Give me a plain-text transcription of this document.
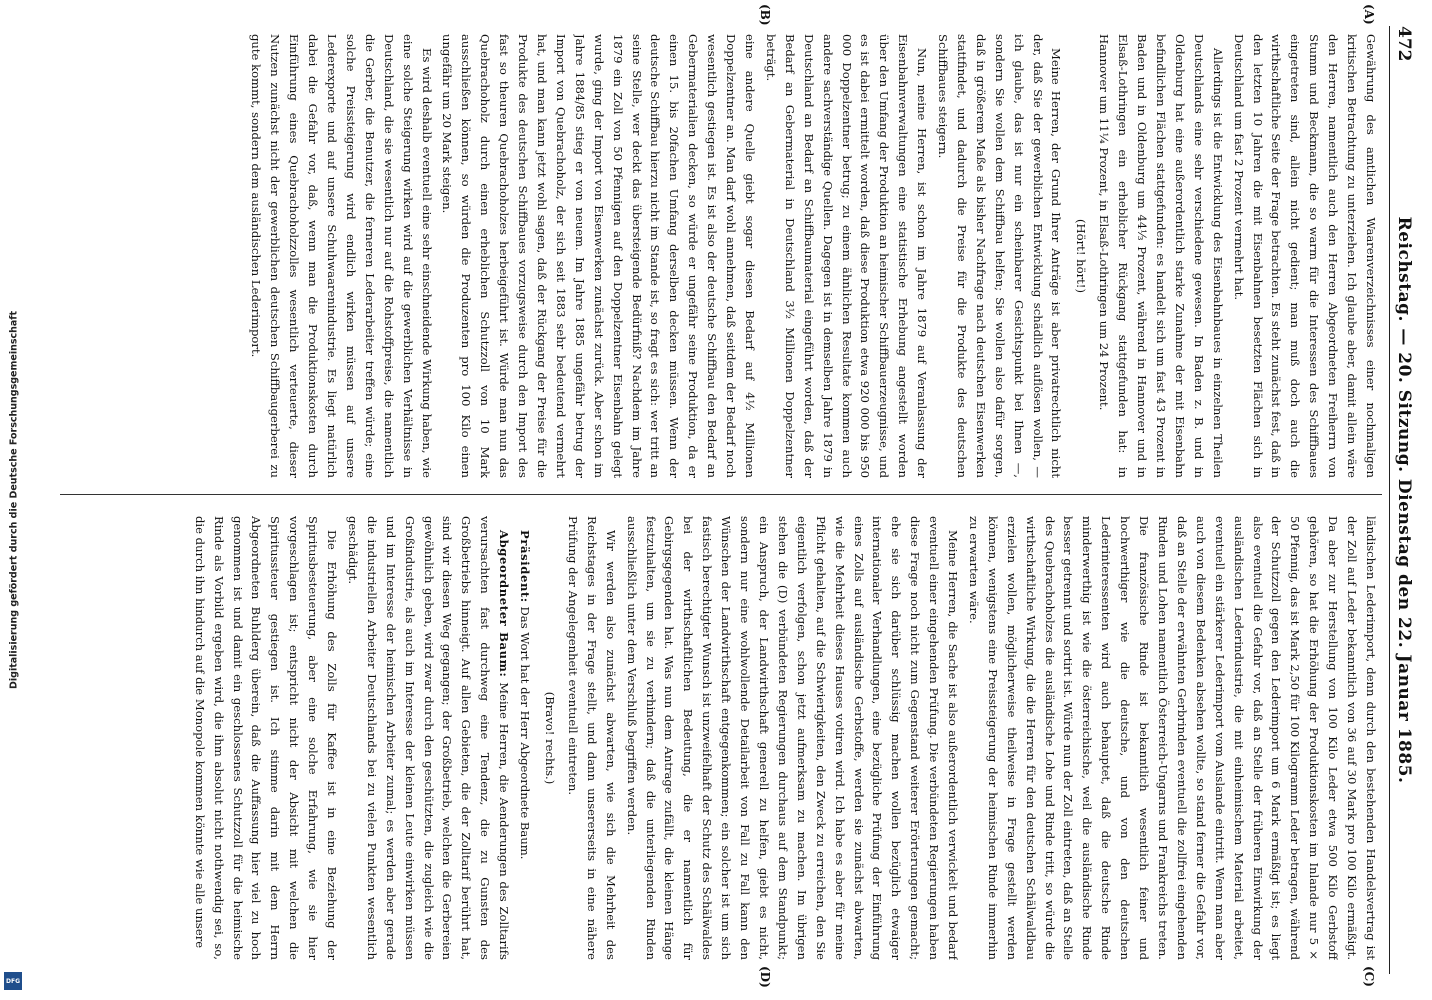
Digitalisierung gefördert durch die Deutsche Forschungsgemeinschaft
DFG
472
Reichstag. — 20. Sitzung. Dienstag den 22. Januar 1885.
(A)
(B)
(C)
(D)

Gewährung des amtlichen Waarenverzeichnisses einer nochmaligen kritischen Betrachtung zu unterziehen. Ich glaube aber, damit allein wäre den Herren, namentlich auch den Herren Abgeordneten Freiherrn von Stumm und Beckmann, die so warm für die Interessen des Schiffbaues eingetreten sind, allein nicht gedient; man muß doch auch die wirthschaftliche Seite der Frage betrachten. Es steht zunächst fest, daß in den letzten 10 Jahren die mit Eisenbahnen besetzten Flächen sich in Deutschland um fast 2 Prozent vermehrt hat.

Allerdings ist die Entwicklung des Eisenbahnbaues in einzelnen Theilen Deutschlands eine sehr verschiedene gewesen. In Baden z. B. und in Oldenburg hat eine außerordentlich starke Zunahme der mit Eisenbahn befindlichen Flächen stattgefunden: es handelt sich um fast 43 Prozent in Baden und in Oldenburg um 44⅓ Prozent, während in Hannover und in Elsaß-Lothringen ein erheblicher Rückgang stattgefunden hat: in Hannover um 11¼ Prozent, in Elsaß-Lothringen um 24 Prozent.

(Hört! hört!)

Meine Herren, der Grund Ihrer Anträge ist aber privatrechtlich nicht der, daß Sie der gewerblichen Entwicklung schädlich auflösen wollen, — ich glaube, das ist nur ein scheinbarer Gesichtspunkt bei Ihnen —, sondern Sie wollen dem Schiffbau helfen; Sie wollen also dafür sorgen, daß in größerem Maße als bisher Nachfrage nach deutschen Eisenwerken stattfindet, und dadurch die Preise für die Produkte des deutschen Schiffbaues steigern.

Nun, meine Herren, ist schon im Jahre 1879 auf Veranlassung der Eisenbahnverwaltungen eine statistische Erhebung angestellt worden über den Umfang der Produktion an heimischer Schiffbauerzeugnisse, und es ist dabei ermittelt worden, daß diese Produktion etwa 920 000 bis 950 000 Doppelzentner betrug; zu einem ähnlichen Resultate kommen auch andere sachverständige Quellen. Dagegen ist in demselben Jahre 1879 in Deutschland an Bedarf an Schiffbaumaterial eingeführt worden, daß der Bedarf an Gebermaterial in Deutschland 3½ Millionen Doppelzentner beträgt.

eine andere Quelle giebt sogar diesen Bedarf auf 4½ Millionen Doppelzentner an. Man darf wohl annehmen, daß seitdem der Bedarf noch wesentlich gestiegen ist. Es ist also der deutsche Schiffbau den Bedarf an Gebermaterialien decken, so würde er ungefähr seine Produktion, da er einen 15. bis 20fachen Umfang derselben decken müssen. Wenn der deutsche Schiffbau hierzu nicht im Stande ist, so fragt es sich: wer tritt an seine Stelle, wer deckt das übersteigende Bedürfniß? Nachdem im Jahre 1879 ein Zoll von 50 Pfennigen auf den Doppelzentner Eisenbahn gelegt wurde, ging der Import von Eisenwerken zunächst zurück. Aber schon im Jahre 1884/85 stieg er von neuem. Im Jahre 1885 ungefähr betrug der Import von Quebrachoholz, der sich seit 1883 sehr bedeutend vermehrt hat, und man kann jetzt wohl sagen, daß der Rückgang der Preise für die Produkte des deutschen Schiffbaues vorzugsweise durch den Import des fast so theuren Quebrachoholzes herbeigeführt ist. Würde man nun das Quebrachoholz durch einen erheblichen Schutzzoll von 10 Mark ausschließen können, so würden die Produzenten pro 100 Kilo einen ungefähr um 20 Mark steigen.

Es wird deshalb eventuell eine sehr einschneidende Wirkung haben, wie eine solche Steigerung wirken wird auf die gewerblichen Verhältnisse in Deutschland, die sie wesentlich nur auf die Rohstoffpreise, die namentlich die Gerber, die Benutzer, die ferneren Lederarbeiter treffen würde; eine solche Preissteigerung wird endlich wirken müssen auf unsere Lederexporte und auf unsere Schuhwaarenindustrie. Es liegt natürlich dabei die Gefahr vor, daß, wenn man die Produktionskosten durch Einführung eines Quebrachoholzzolles wesentlich verteuerte, dieser Nutzen zunächst nicht der gewerblichen deutschen Schiffbaugerberei zu gute kommt, sondern dem ausländischen Lederimport.

ländischen Lederimport, denn durch den bestehenden Handelsvertrag ist der Zoll auf Leder bekanntlich von 36 auf 30 Mark pro 100 Kilo ermäßigt. Da aber zur Herstellung von 100 Kilo Leder etwa 500 Kilo Gerbstoff gehören, so hat die Erhöhung der Produktionskosten im Inlande nur 5 × 50 Pfennig, das ist Mark 2,50 für 100 Kilogramm Leder betragen, während der Schutzzoll gegen den Lederimport um 6 Mark ermäßigt ist; es liegt also eventuell die Gefahr vor, daß an Stelle der früheren Einwirkung der ausländischen Lederindustrie, die mit einheimischem Material arbeitet, eventuell ein stärkerer Lederimport vom Auslande eintritt. Wenn man aber auch von diesem Bedenken absehen wollte, so stand ferner die Gefahr vor, daß an Stelle der erwähnten Gerbrinden eventuell die zollfrei eingehenden Rinden und Lohen namentlich Österreich-Ungarns und Frankreichs treten. Die französische Rinde ist bekanntlich wesentlich feiner und hochwerthiger wie die deutsche, und von den deutschen Lederinteressenten wird auch behauptet, daß die deutsche Rinde minderwerthig ist wie die österreichische, weil die ausländische Rinde besser getrennt und sortirt ist. Würde nun der Zoll eintreten, daß an Stelle des Quebrachoholzes die ausländische Lohe und Rinde tritt, so würde die wirthschaftliche Wirkung, die die Herren für den deutschen Schälwaldbau erzielen wollen, möglicherweise theilweise in Frage gestellt werden können, wenigstens eine Preissteigerung der heimischen Rinde immerhin zu erwarten wäre.

Meine Herren, die Sache ist also außerordentlich verwickelt und bedarf eventuell einer eingehenden Prüfung. Die verbündeten Regierungen haben diese Frage noch nicht zum Gegenstand weiterer Erörterungen gemacht; ehe sie sich darüber schlüssig machen wollen bezüglich etwaiger internationaler Verhandlungen, eine bezügliche Prüfung der Einführung eines Zolls auf ausländische Gerbstoffe, werden sie zunächst abwarten, wie die Mehrheit dieses Hauses votiren wird. Ich habe es aber für meine Pflicht gehalten, auf die Schwierigkeiten, den Zweck zu erreichen, den Sie eigentlich verfolgen, schon jetzt aufmerksam zu machen. Im übrigen stehen die (D) verbündeten Regierungen durchaus auf dem Standpunkt; ein Anspruch, der Landwirthschaft generell zu helfen, giebt es nicht, sondern nur eine wohlwollende Detailarbeit von Fall zu Fall kann den Wünschen der Landwirthschaft entgegenkommen; ein solcher ist um sich fastisch berechtigter Wunsch ist unzweifelhaft der Schutz des Schälwaldes bei der wirthschaftlichen Bedeutung, die er namentlich für Gebirgsgegenden hat. Was nun dem Antrage zufällt, die kleinen Hänge festzuhalten, um sie zu verhindern; daß die unterliegenden Rinden ausschließlich unter dem Verschluß begriffen werden.

Wir werden also zunächst abwarten, wie sich die Mehrheit des Reichstages in der Frage stellt, und dann unsererseits in eine nähere Prüfung der Angelegenheit eventuell eintreten.

(Bravo! rechts.)

Präsident: Das Wort hat der Herr Abgeordnete Baum.

Abgeordneter Baum: Meine Herren, die Aenderungen des Zolltarifs verursachten fast durchweg eine Tendenz, die zu Gunsten des Großbetriebs hinneigt. Auf allen Gebieten, die der Zolltarif berührt hat, sind wir diesen Weg gegangen; der Großbetrieb, welchen die Gerbereien gewöhnlich geben, wird zwar durch den geschützten, die zugleich wie die Großindustrie, als auch im Interesse der kleinen Leute einwirken müssen und im Interesse der heimischen Arbeiter zumal; es werden aber gerade die industriellen Arbeiter Deutschlands bei zu vielen Punkten wesentlich geschädigt.

Die Erhöhung des Zolls für Kaffee ist in eine Beziehung der Spiritusbesteuerung, aber eine solche Erfahrung, wie sie hier vorgeschlagen ist; entspricht nicht der Absicht mit welchen die Spiritussteuer gestiegen ist. Ich stimme darin mit dem Herrn Abgeordneten Buhlderg überein, daß die Auffassung hier viel zu hoch genommen ist und damit ein geschlossenes Schutzzoll für die heimische Rinde als Vorbild ergeben wird, die ihm absolut nicht nothwendig sei, so, die durch ihn hindurch auf die Monopole kommen könnte wie alle unsere
